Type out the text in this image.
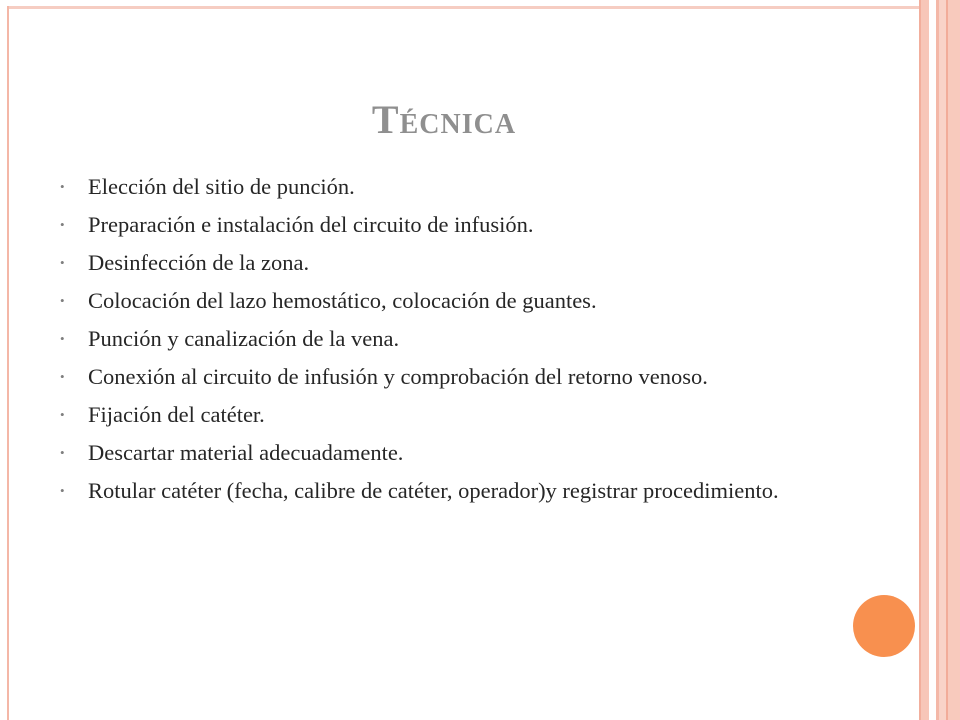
Técnica
• Elección del sitio de punción.
• Preparación e instalación del circuito de infusión.
• Desinfección de la zona.
• Colocación del lazo hemostático, colocación de guantes.
• Punción y canalización de la vena.
• Conexión al circuito de infusión y comprobación del retorno venoso.
• Fijación del catéter.
• Descartar material adecuadamente.
• Rotular catéter (fecha, calibre de catéter, operador)y registrar procedimiento.
